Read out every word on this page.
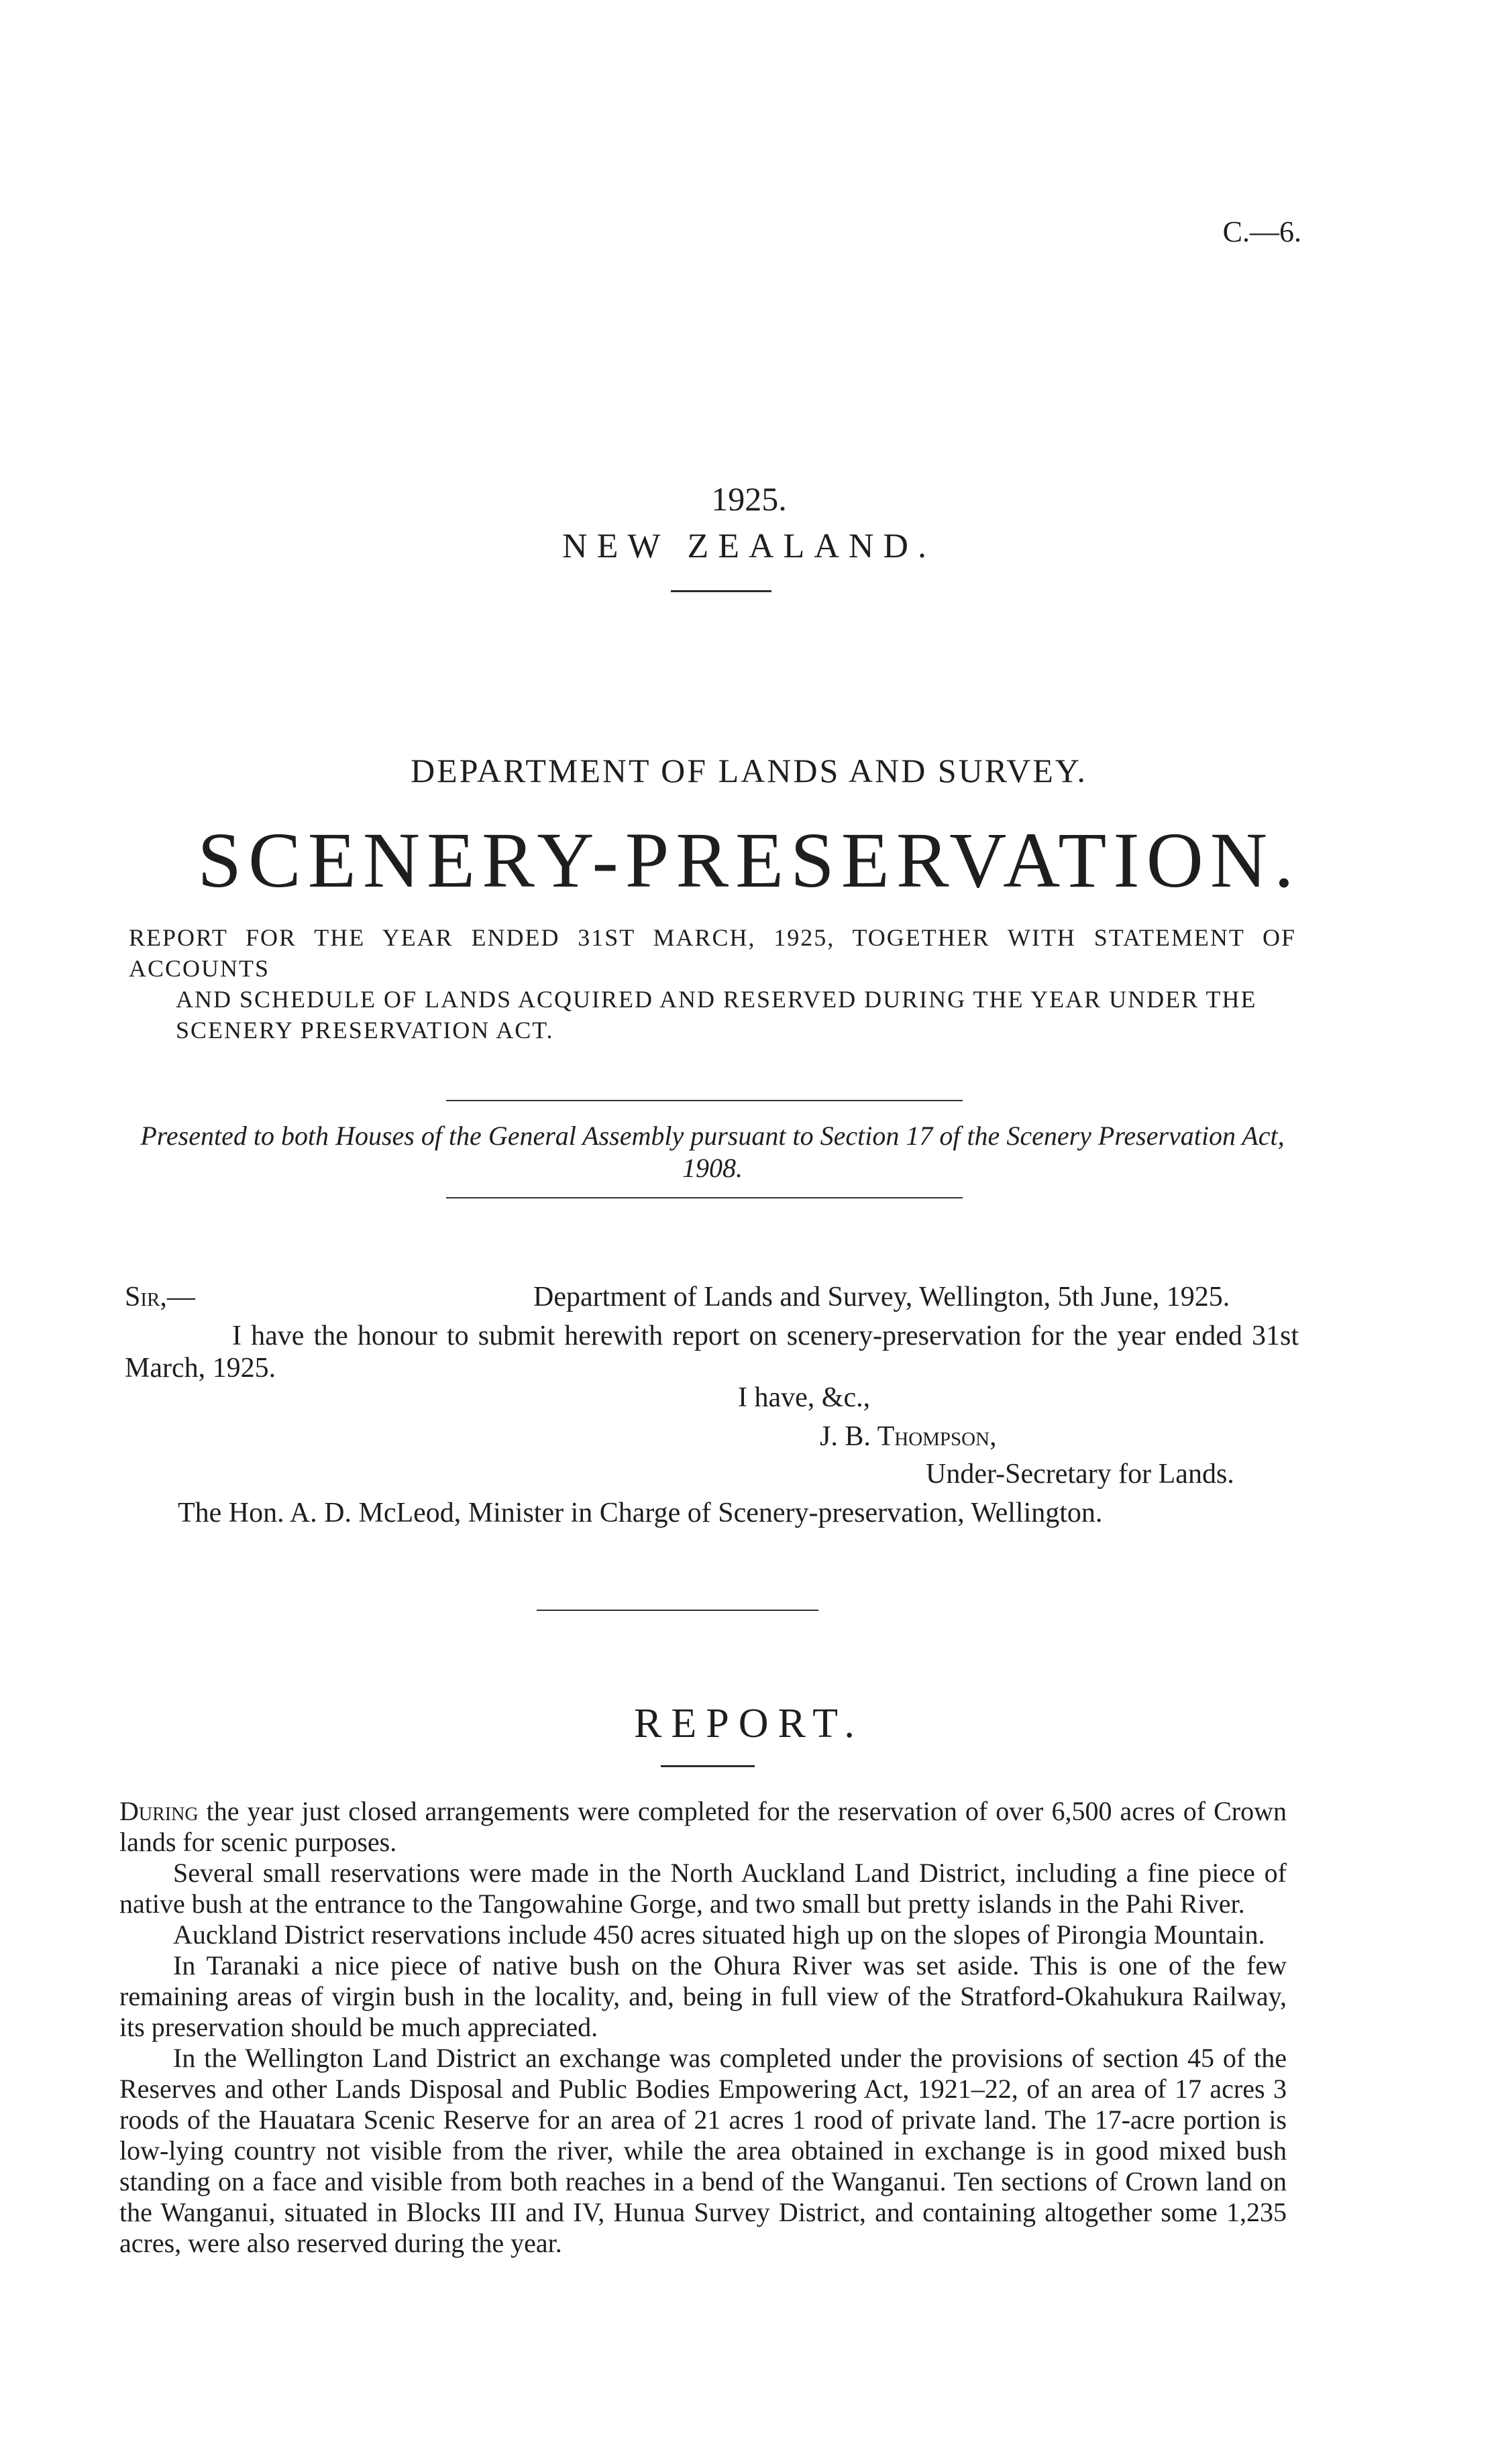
C.—6.
1925.
NEW ZEALAND.
DEPARTMENT OF LANDS AND SURVEY.
SCENERY-PRESERVATION.
REPORT FOR THE YEAR ENDED 31ST MARCH, 1925, TOGETHER WITH STATEMENT OF ACCOUNTS
AND SCHEDULE OF LANDS ACQUIRED AND RESERVED DURING THE YEAR UNDER THE
SCENERY PRESERVATION ACT.
Presented to both Houses of the General Assembly pursuant to Section 17 of the Scenery Preservation Act, 1908.
Sir,—	Department of Lands and Survey, Wellington, 5th June, 1925.
I have the honour to submit herewith report on scenery-preservation for the year ended 31st March, 1925.
I have, &c.,
J. B. Thompson,
Under-Secretary for Lands.
The Hon. A. D. McLeod, Minister in Charge of Scenery-preservation, Wellington.
REPORT.

During the year just closed arrangements were completed for the reservation of over 6,500 acres of Crown lands for scenic purposes.

Several small reservations were made in the North Auckland Land District, including a fine piece of native bush at the entrance to the Tangowahine Gorge, and two small but pretty islands in the Pahi River.

Auckland District reservations include 450 acres situated high up on the slopes of Pirongia Mountain.

In Taranaki a nice piece of native bush on the Ohura River was set aside. This is one of the few remaining areas of virgin bush in the locality, and, being in full view of the Stratford-Okahukura Railway, its preservation should be much appreciated.

In the Wellington Land District an exchange was completed under the provisions of section 45 of the Reserves and other Lands Disposal and Public Bodies Empowering Act, 1921–22, of an area of 17 acres 3 roods of the Hauatara Scenic Reserve for an area of 21 acres 1 rood of private land. The 17-acre portion is low-lying country not visible from the river, while the area obtained in exchange is in good mixed bush standing on a face and visible from both reaches in a bend of the Wanganui. Ten sections of Crown land on the Wanganui, situated in Blocks III and IV, Hunua Survey District, and containing altogether some 1,235 acres, were also reserved during the year.
